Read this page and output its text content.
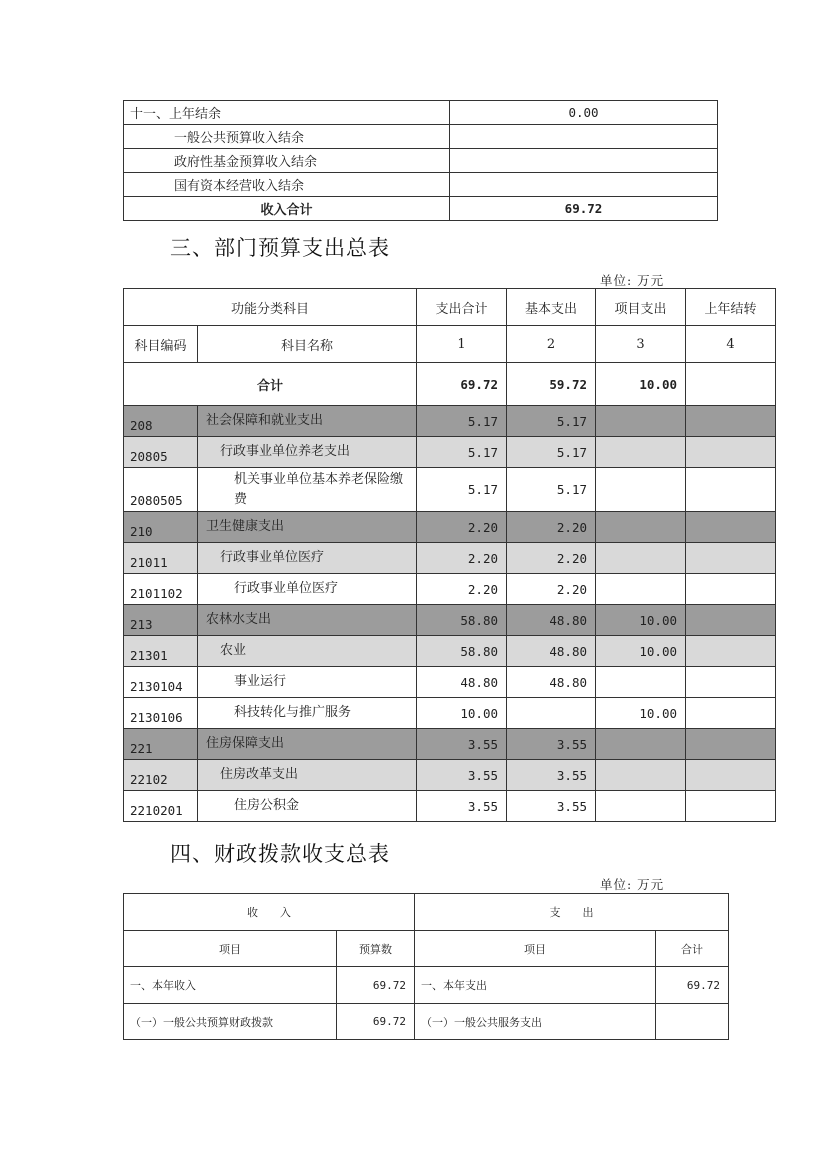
十一、上年结余	0.00
一般公共预算收入结余	
政府性基金预算收入结余	
国有资本经营收入结余	
收入合计	69.72
三、部门预算支出总表
单位: 万元
功能分类科目		支出合计	基本支出	项目支出	上年结转
科目编码	科目名称	1	2	3	4
合计		69.72	59.72	10.00	
208	社会保障和就业支出	5.17	5.17		
20805	行政事业单位养老支出	5.17	5.17		
2080505	机关事业单位基本养老保险缴费	5.17	5.17		
210	卫生健康支出	2.20	2.20		
21011	行政事业单位医疗	2.20	2.20		
2101102	行政事业单位医疗	2.20	2.20		
213	农林水支出	58.80	48.80	10.00	
21301	农业	58.80	48.80	10.00	
2130104	事业运行	48.80	48.80		
2130106	科技转化与推广服务	10.00		10.00	
221	住房保障支出	3.55	3.55		
22102	住房改革支出	3.55	3.55		
2210201	住房公积金	3.55	3.55		
四、财政拨款收支总表
单位: 万元
收　　入		支　　出	
项目	预算数	项目	合计
一、本年收入	69.72	一、本年支出	69.72
（一）一般公共预算财政拨款	69.72	（一）一般公共服务支出	
